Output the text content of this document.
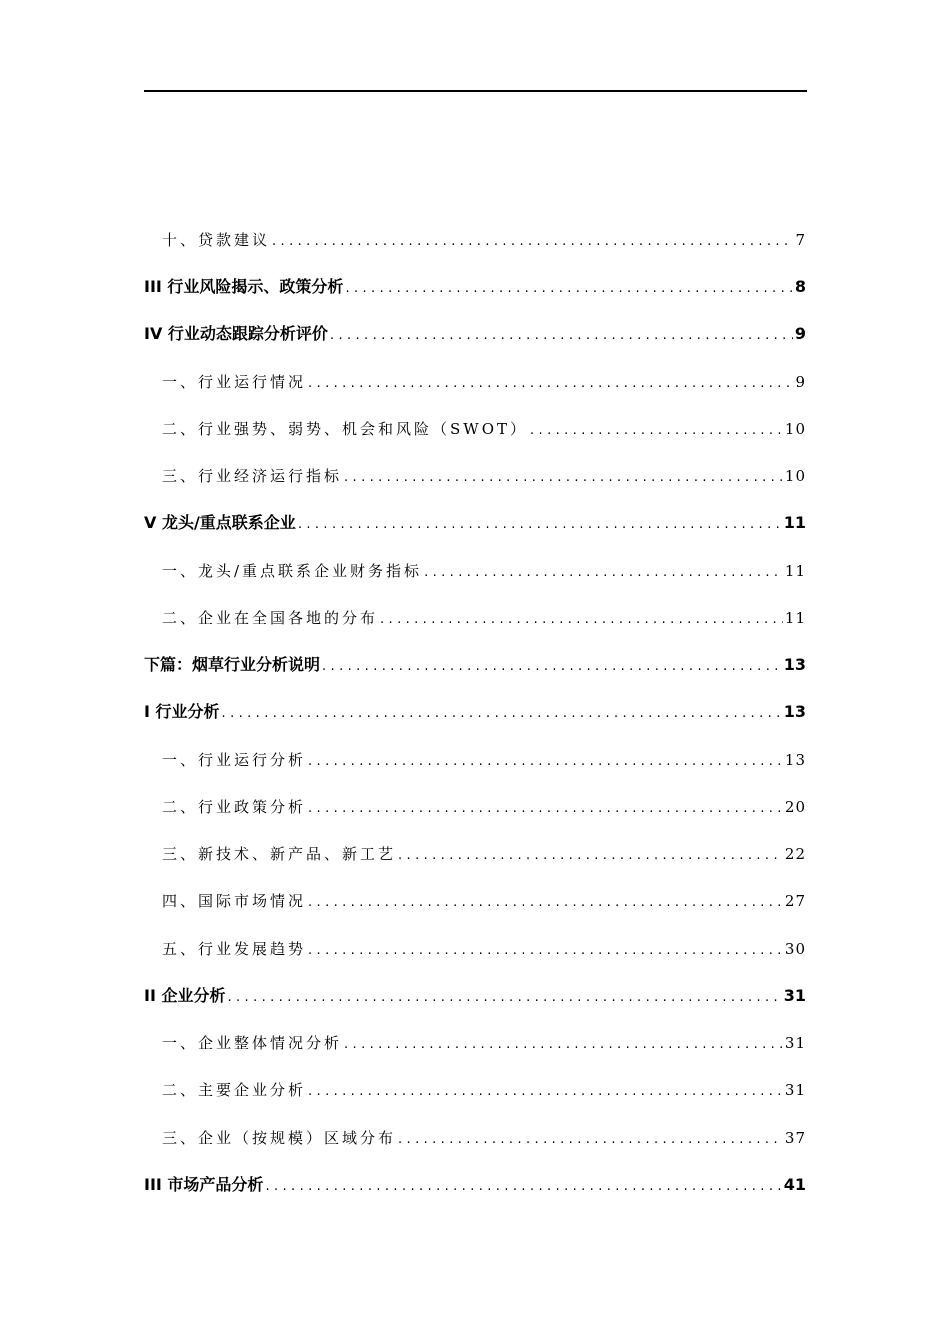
十、贷款建议 .....	7
III 行业风险揭示、政策分析 .....	8
IV 行业动态跟踪分析评价 .....	9
一、行业运行情况 .....	9
二、行业强势、弱势、机会和风险（SWOT） .....	10
三、行业经济运行指标 .....	10
V 龙头/重点联系企业 .....	11
一、龙头/重点联系企业财务指标 .....	11
二、企业在全国各地的分布 .....	11
下篇：烟草行业分析说明 .....	13
I 行业分析 .....	13
一、行业运行分析 .....	13
二、行业政策分析 .....	20
三、新技术、新产品、新工艺 .....	22
四、国际市场情况 .....	27
五、行业发展趋势 .....	30
II 企业分析 .....	31
一、企业整体情况分析 .....	31
二、主要企业分析 .....	31
三、企业（按规模）区域分布 .....	37
III 市场产品分析 .....	41
